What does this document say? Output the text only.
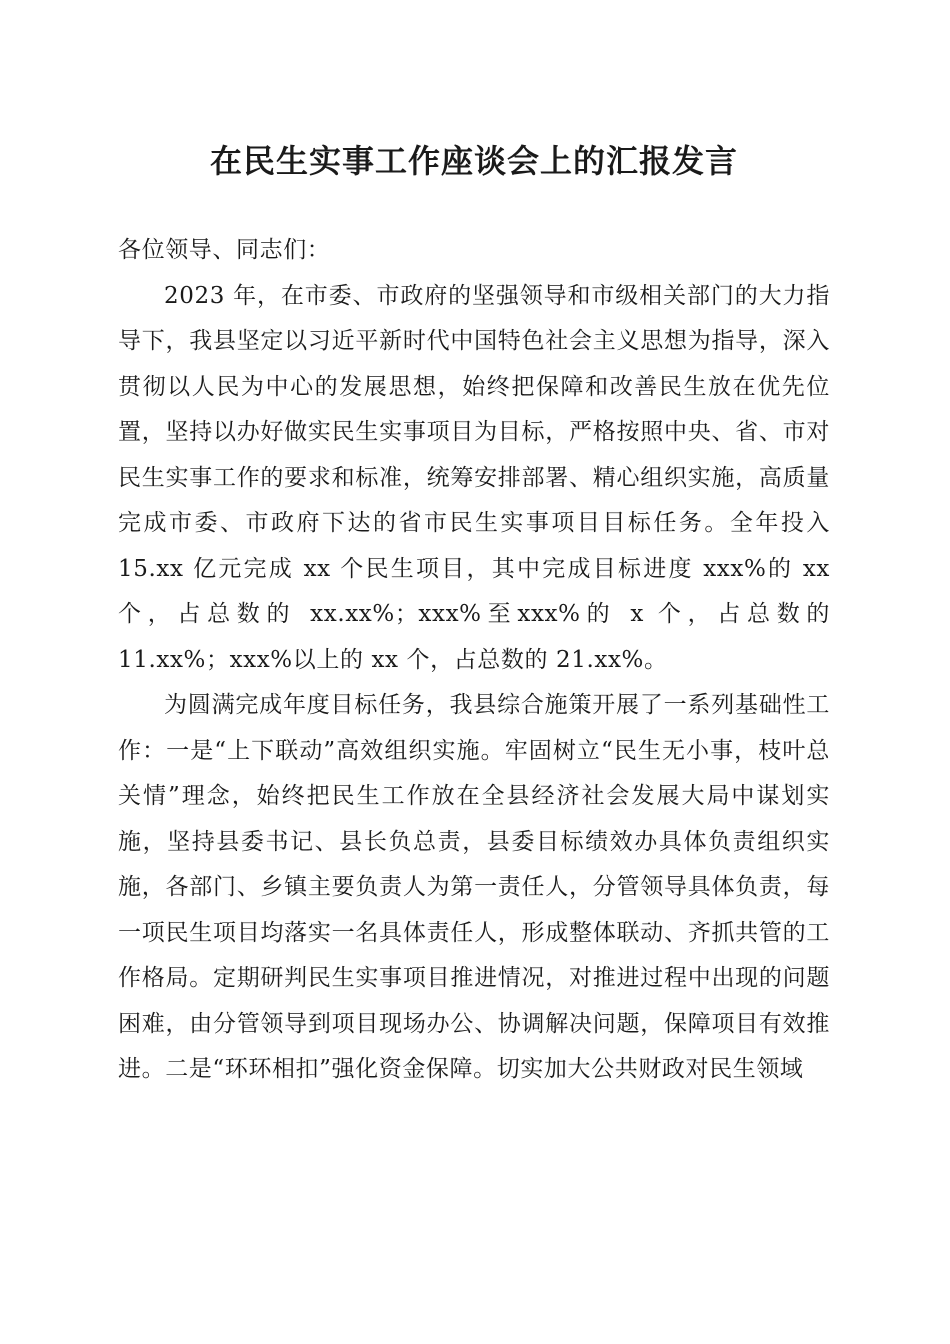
在民生实事工作座谈会上的汇报发言

各位领导、同志们：

2023 年，在市委、市政府的坚强领导和市级相关部门的大力指导下，我县坚定以习近平新时代中国特色社会主义思想为指导，深入贯彻以人民为中心的发展思想，始终把保障和改善民生放在优先位置，坚持以办好做实民生实事项目为目标，严格按照中央、省、市对民生实事工作的要求和标准，统筹安排部署、精心组织实施，高质量完成市委、市政府下达的省市民生实事项目目标任务。全年投入 15.xx 亿元完成 xx 个民生项目，其中完成目标进度 xxx%的 xx 个，占总数的 xx.xx%；xxx%至xxx%的 x 个，占总数的 11.xx%；xxx%以上的 xx 个，占总数的 21.xx%。

为圆满完成年度目标任务，我县综合施策开展了一系列基础性工作：一是“上下联动”高效组织实施。牢固树立“民生无小事，枝叶总关情”理念，始终把民生工作放在全县经济社会发展大局中谋划实施，坚持县委书记、县长负总责，县委目标绩效办具体负责组织实施，各部门、乡镇主要负责人为第一责任人，分管领导具体负责，每一项民生项目均落实一名具体责任人，形成整体联动、齐抓共管的工作格局。定期研判民生实事项目推进情况，对推进过程中出现的问题困难，由分管领导到项目现场办公、协调解决问题，保障项目有效推进。二是“环环相扣”强化资金保障。切实加大公共财政对民生领域
